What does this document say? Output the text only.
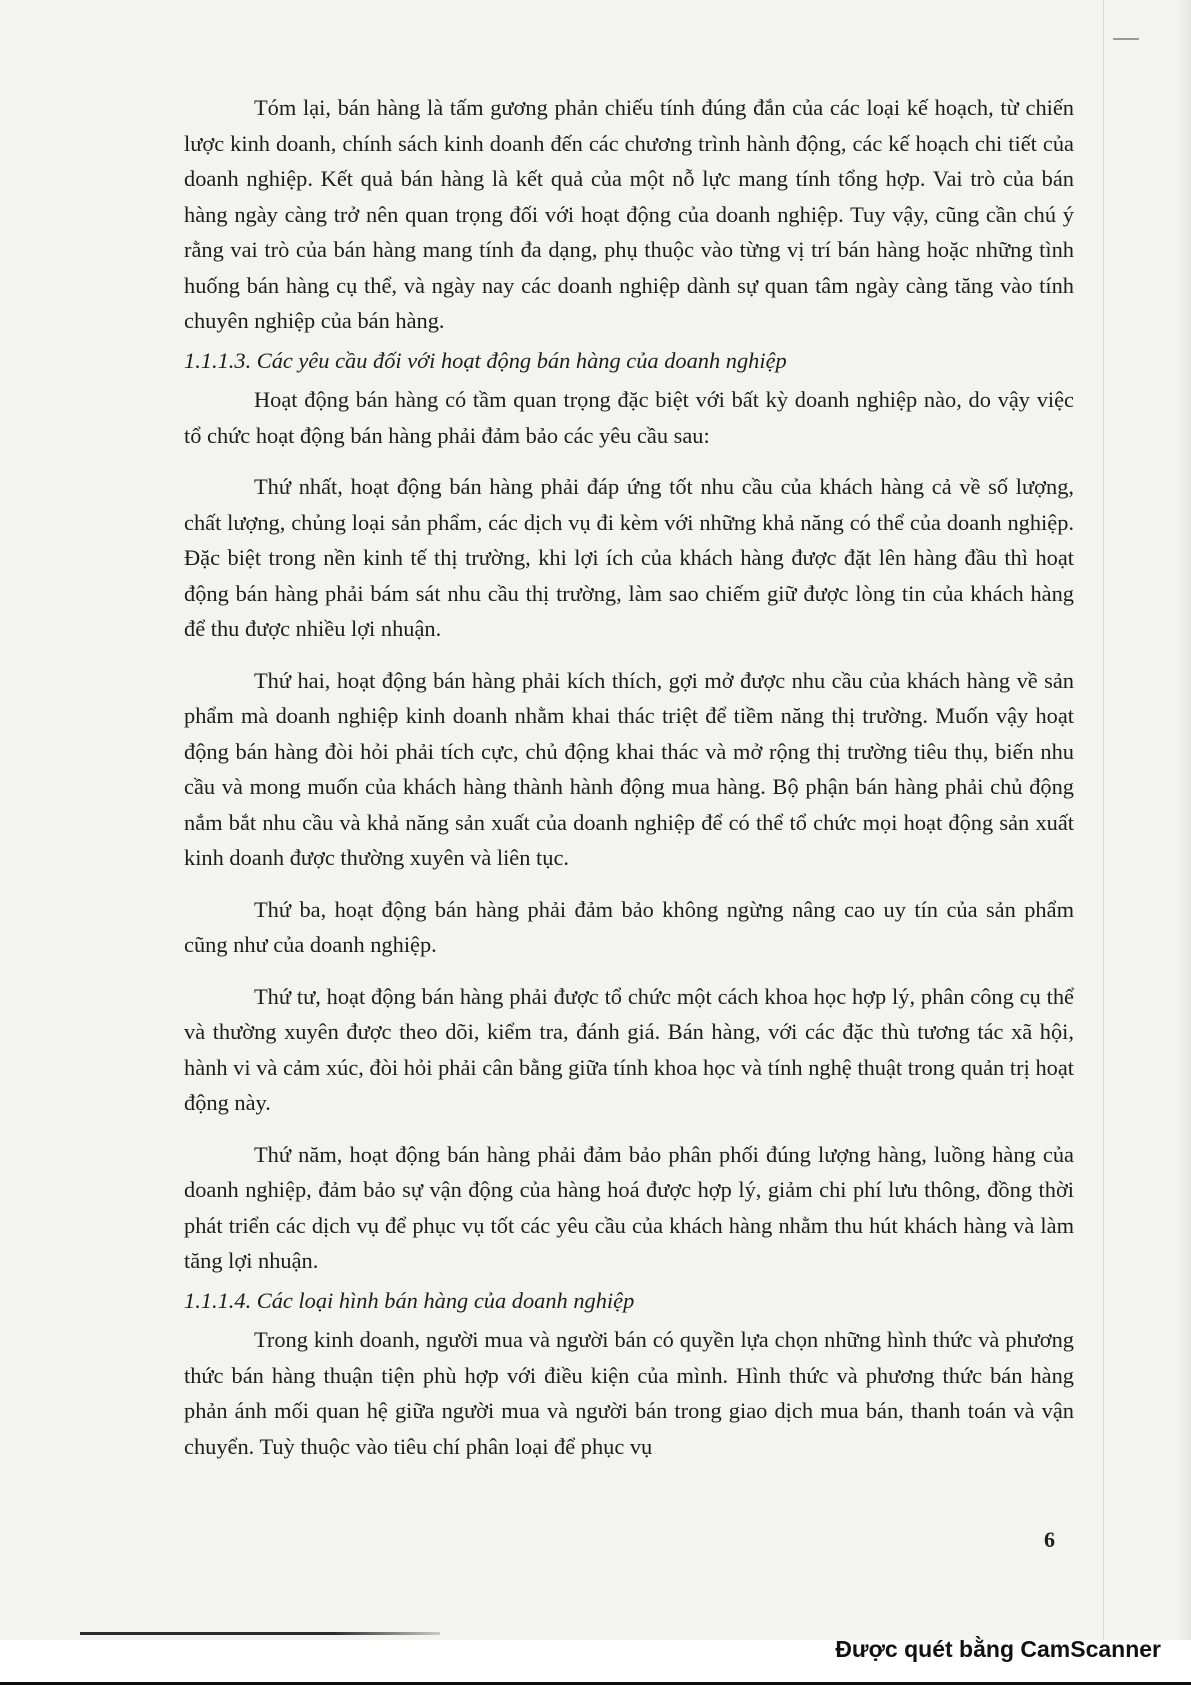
Tóm lại, bán hàng là tấm gương phản chiếu tính đúng đắn của các loại kế hoạch, từ chiến lược kinh doanh, chính sách kinh doanh đến các chương trình hành động, các kế hoạch chi tiết của doanh nghiệp. Kết quả bán hàng là kết quả của một nỗ lực mang tính tổng hợp. Vai trò của bán hàng ngày càng trở nên quan trọng đối với hoạt động của doanh nghiệp. Tuy vậy, cũng cần chú ý rằng vai trò của bán hàng mang tính đa dạng, phụ thuộc vào từng vị trí bán hàng hoặc những tình huống bán hàng cụ thể, và ngày nay các doanh nghiệp dành sự quan tâm ngày càng tăng vào tính chuyên nghiệp của bán hàng.

1.1.1.3. Các yêu cầu đối với hoạt động bán hàng của doanh nghiệp

Hoạt động bán hàng có tầm quan trọng đặc biệt với bất kỳ doanh nghiệp nào, do vậy việc tổ chức hoạt động bán hàng phải đảm bảo các yêu cầu sau:

Thứ nhất, hoạt động bán hàng phải đáp ứng tốt nhu cầu của khách hàng cả về số lượng, chất lượng, chủng loại sản phẩm, các dịch vụ đi kèm với những khả năng có thể của doanh nghiệp. Đặc biệt trong nền kinh tế thị trường, khi lợi ích của khách hàng được đặt lên hàng đầu thì hoạt động bán hàng phải bám sát nhu cầu thị trường, làm sao chiếm giữ được lòng tin của khách hàng để thu được nhiều lợi nhuận.

Thứ hai, hoạt động bán hàng phải kích thích, gợi mở được nhu cầu của khách hàng về sản phẩm mà doanh nghiệp kinh doanh nhằm khai thác triệt để tiềm năng thị trường. Muốn vậy hoạt động bán hàng đòi hỏi phải tích cực, chủ động khai thác và mở rộng thị trường tiêu thụ, biến nhu cầu và mong muốn của khách hàng thành hành động mua hàng. Bộ phận bán hàng phải chủ động nắm bắt nhu cầu và khả năng sản xuất của doanh nghiệp để có thể tổ chức mọi hoạt động sản xuất kinh doanh được thường xuyên và liên tục.

Thứ ba, hoạt động bán hàng phải đảm bảo không ngừng nâng cao uy tín của sản phẩm cũng như của doanh nghiệp.

Thứ tư, hoạt động bán hàng phải được tổ chức một cách khoa học hợp lý, phân công cụ thể và thường xuyên được theo dõi, kiểm tra, đánh giá. Bán hàng, với các đặc thù tương tác xã hội, hành vi và cảm xúc, đòi hỏi phải cân bằng giữa tính khoa học và tính nghệ thuật trong quản trị hoạt động này.

Thứ năm, hoạt động bán hàng phải đảm bảo phân phối đúng lượng hàng, luồng hàng của doanh nghiệp, đảm bảo sự vận động của hàng hoá được hợp lý, giảm chi phí lưu thông, đồng thời phát triển các dịch vụ để phục vụ tốt các yêu cầu của khách hàng nhằm thu hút khách hàng và làm tăng lợi nhuận.

1.1.1.4. Các loại hình bán hàng của doanh nghiệp

Trong kinh doanh, người mua và người bán có quyền lựa chọn những hình thức và phương thức bán hàng thuận tiện phù hợp với điều kiện của mình. Hình thức và phương thức bán hàng phản ánh mối quan hệ giữa người mua và người bán trong giao dịch mua bán, thanh toán và vận chuyển. Tuỳ thuộc vào tiêu chí phân loại để phục vụ

6
Được quét bằng CamScanner
